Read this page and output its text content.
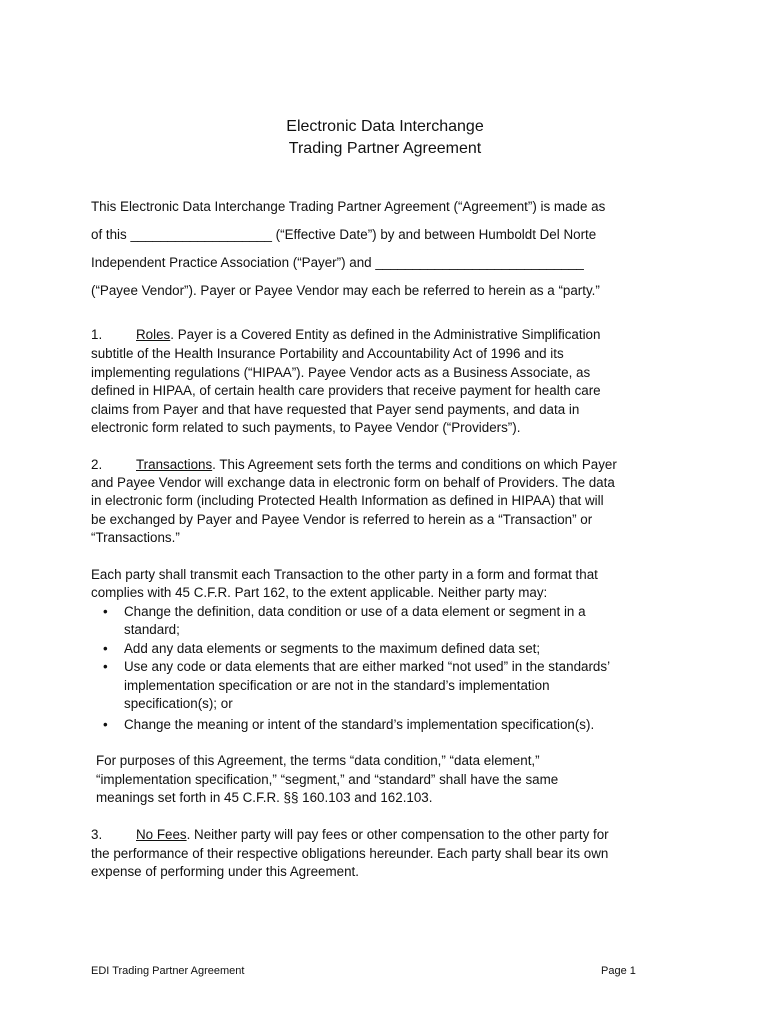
Electronic Data Interchange
Trading Partner Agreement
This Electronic Data Interchange Trading Partner Agreement (“Agreement”) is made as
of this ___________________ (“Effective Date”) by and between Humboldt Del Norte
Independent Practice Association (“Payer”) and ____________________________
(“Payee Vendor”). Payer or Payee Vendor may each be referred to herein as a “party.”
1.	Roles. Payer is a Covered Entity as defined in the Administrative Simplification
subtitle of the Health Insurance Portability and Accountability Act of 1996 and its
implementing regulations (“HIPAA”). Payee Vendor acts as a Business Associate, as
defined in HIPAA, of certain health care providers that receive payment for health care
claims from Payer and that have requested that Payer send payments, and data in
electronic form related to such payments, to Payee Vendor (“Providers”).
2.	Transactions. This Agreement sets forth the terms and conditions on which Payer
and Payee Vendor will exchange data in electronic form on behalf of Providers. The data
in electronic form (including Protected Health Information as defined in HIPAA) that will
be exchanged by Payer and Payee Vendor is referred to herein as a “Transaction” or
“Transactions.”
Each party shall transmit each Transaction to the other party in a form and format that
complies with 45 C.F.R. Part 162, to the extent applicable. Neither party may:
•	Change the definition, data condition or use of a data element or segment in a
standard;
•	Add any data elements or segments to the maximum defined data set;
•	Use any code or data elements that are either marked “not used” in the standards’
implementation specification or are not in the standard’s implementation
specification(s); or
•	Change the meaning or intent of the standard’s implementation specification(s).
For purposes of this Agreement, the terms “data condition,” “data element,”
“implementation specification,” “segment,” and “standard” shall have the same
meanings set forth in 45 C.F.R. §§ 160.103 and 162.103.
3.	No Fees. Neither party will pay fees or other compensation to the other party for
the performance of their respective obligations hereunder. Each party shall bear its own
expense of performing under this Agreement.
EDI Trading Partner Agreement	Page 1
